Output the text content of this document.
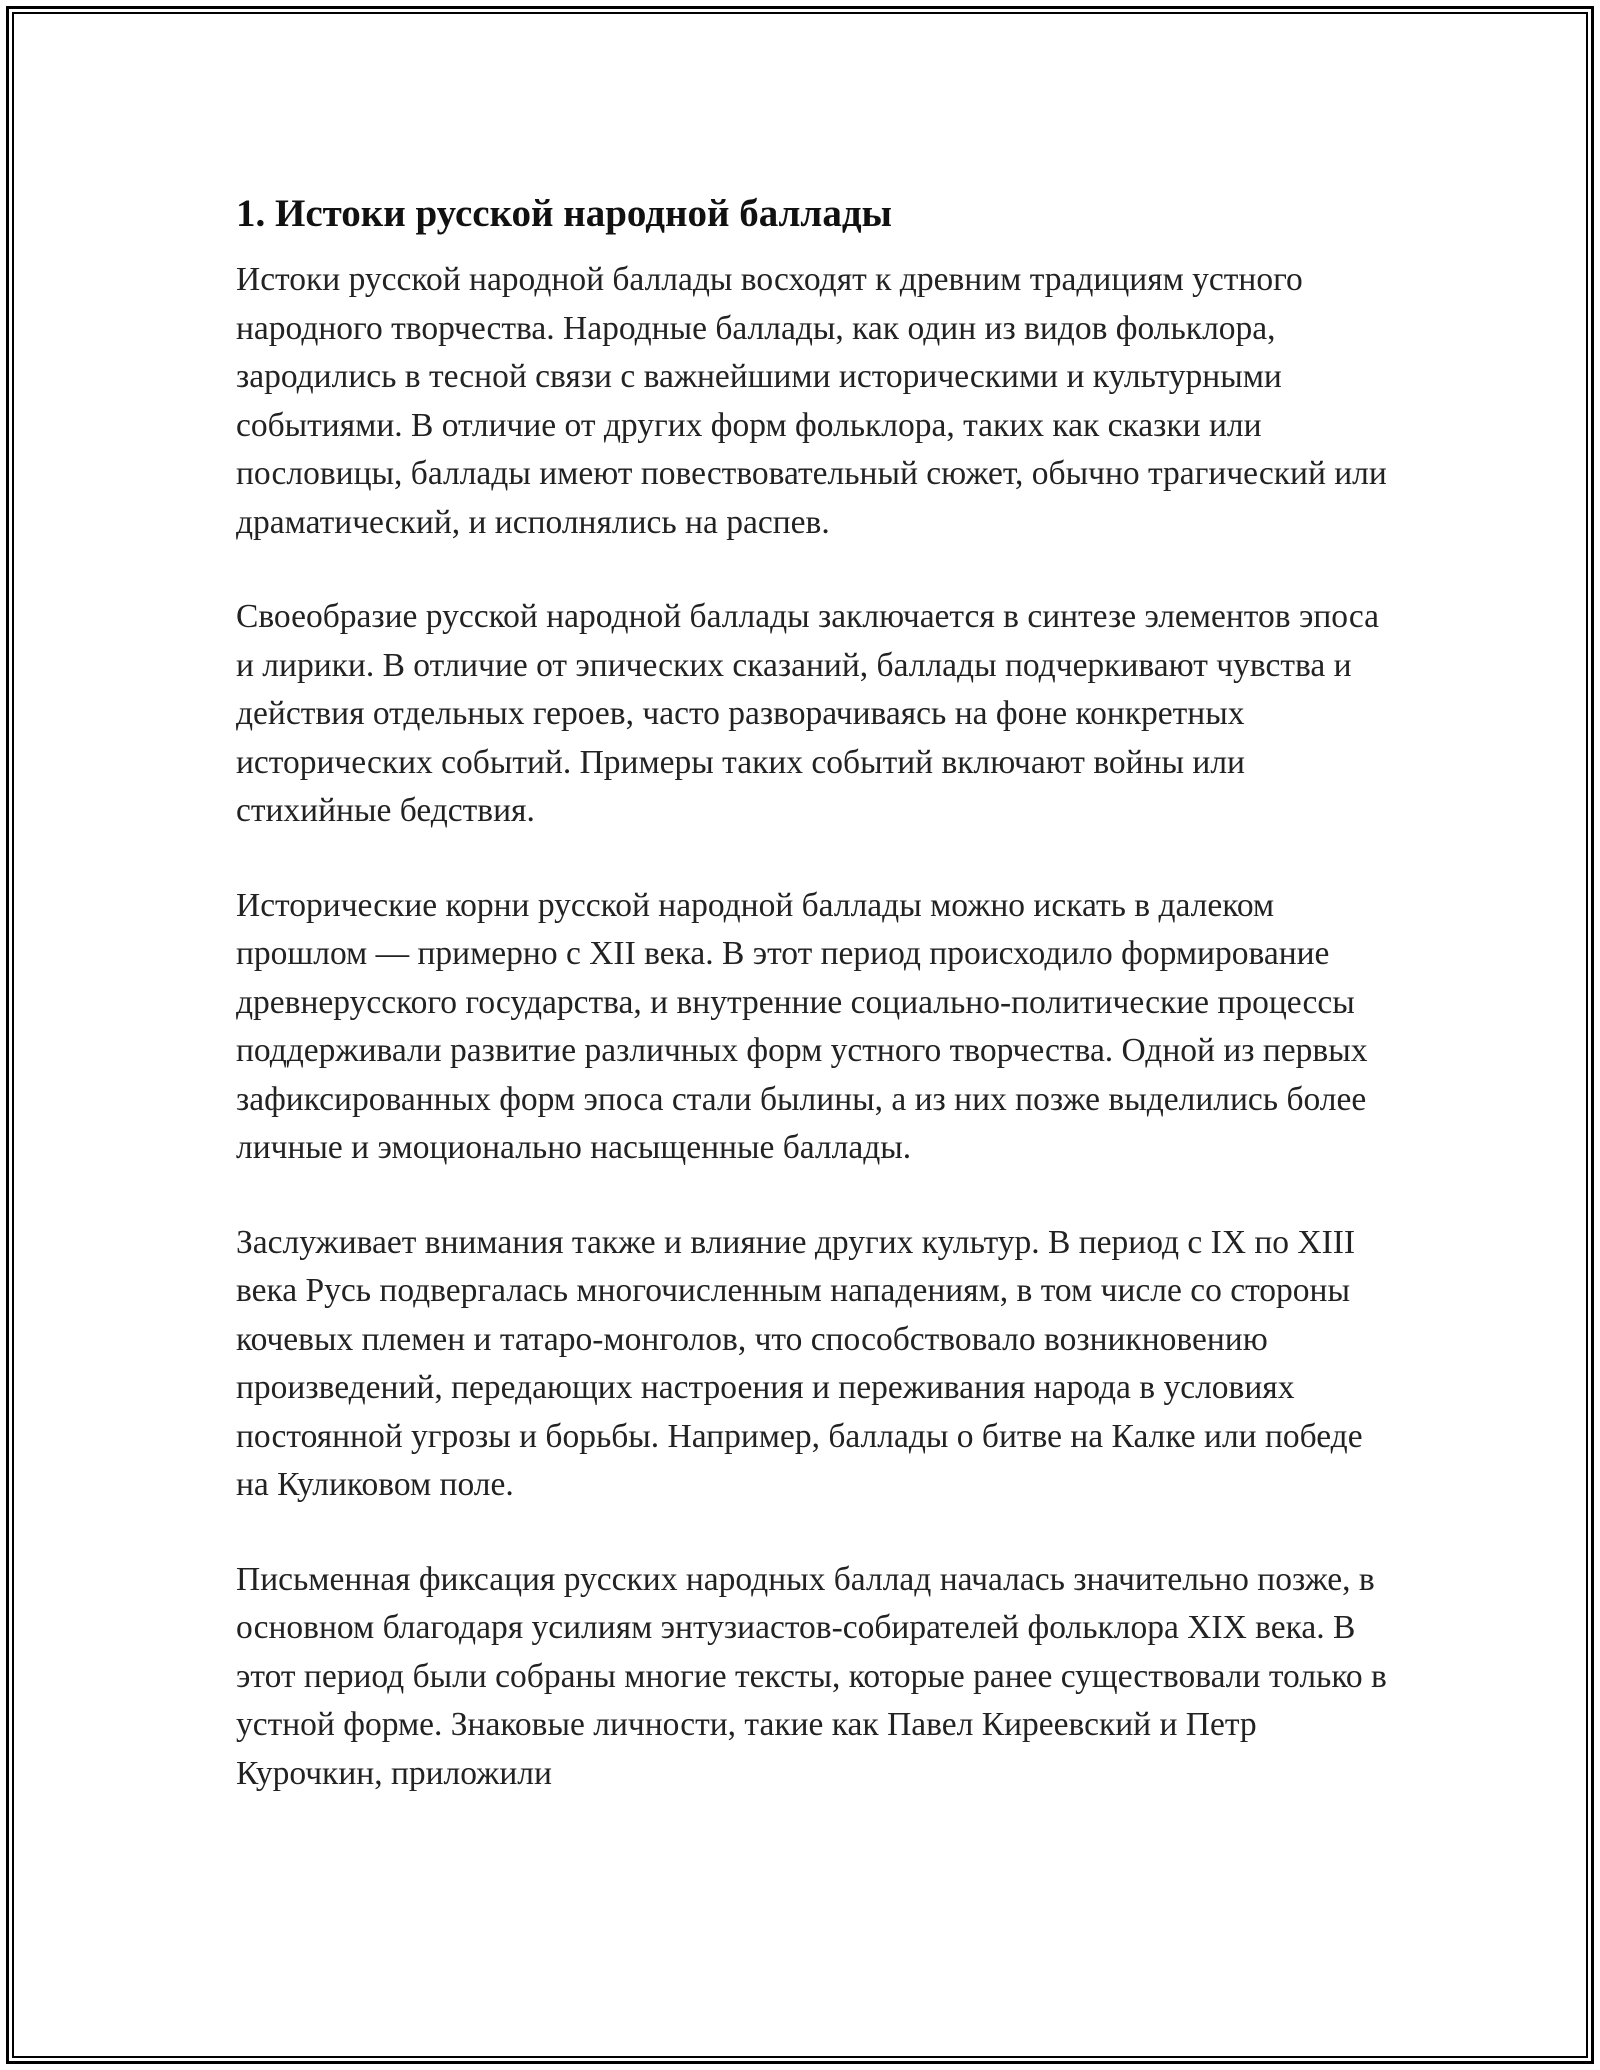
1. Истоки русской народной баллады

Истоки русской народной баллады восходят к древним традициям устного народного творчества. Народные баллады, как один из видов фольклора, зародились в тесной связи с важнейшими историческими и культурными событиями. В отличие от других форм фольклора, таких как сказки или пословицы, баллады имеют повествовательный сюжет, обычно трагический или драматический, и исполнялись на распев.

Своеобразие русской народной баллады заключается в синтезе элементов эпоса и лирики. В отличие от эпических сказаний, баллады подчеркивают чувства и действия отдельных героев, часто разворачиваясь на фоне конкретных исторических событий. Примеры таких событий включают войны или стихийные бедствия.

Исторические корни русской народной баллады можно искать в далеком прошлом — примерно с XII века. В этот период происходило формирование древнерусского государства, и внутренние социально-политические процессы поддерживали развитие различных форм устного творчества. Одной из первых зафиксированных форм эпоса стали былины, а из них позже выделились более личные и эмоционально насыщенные баллады.

Заслуживает внимания также и влияние других культур. В период с IX по XIII века Русь подвергалась многочисленным нападениям, в том числе со стороны кочевых племен и татаро-монголов, что способствовало возникновению произведений, передающих настроения и переживания народа в условиях постоянной угрозы и борьбы. Например, баллады о битве на Калке или победе на Куликовом поле.

Письменная фиксация русских народных баллад началась значительно позже, в основном благодаря усилиям энтузиастов-собирателей фольклора XIX века. В этот период были собраны многие тексты, которые ранее существовали только в устной форме. Знаковые личности, такие как Павел Киреевский и Петр Курочкин, приложили
